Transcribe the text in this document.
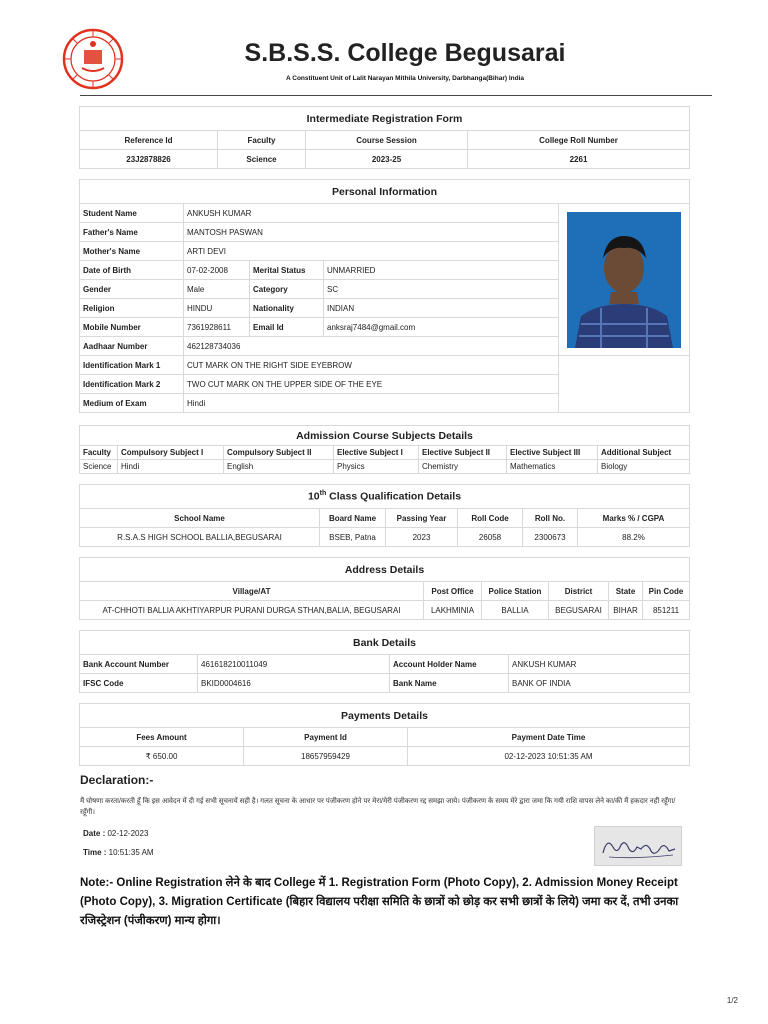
S.B.S.S. College Begusarai
A Constituent Unit of Lalit Narayan Mithila University, Darbhanga(Bihar) India
Intermediate Registration Form			
Reference Id	Faculty	Course Session	College Roll Number
23J2878826	Science	2023-25	2261
Personal Information				
Student Name	ANKUSH KUMAR	

Father's Name	MANTOSH PASWAN			
Mother's Name	ARTI DEVI			
Date of Birth	07-02-2008	Merital Status	UNMARRIED	
Gender	Male	Category	SC	
Religion	HINDU	Nationality	INDIAN	
Mobile Number	7361928611	Email Id	anksraj7484@gmail.com	
Aadhaar Number	462128734036			
Identification Mark 1	CUT MARK ON THE RIGHT SIDE EYEBROW			
Identification Mark 2	TWO CUT MARK ON THE UPPER SIDE OF THE EYE			
Medium of Exam	Hindi			
Admission Course Subjects Details						
Faculty	Compulsory Subject I	Compulsory Subject II	Elective Subject I	Elective Subject II	Elective Subject III	Additional Subject
Science	Hindi	English	Physics	Chemistry	Mathematics	Biology
10th Class Qualification Details					
School Name	Board Name	Passing Year	Roll Code	Roll No.	Marks % / CGPA
R.S.A.S HIGH SCHOOL BALLIA,BEGUSARAI	BSEB, Patna	2023	26058	2300673	88.2%
Address Details					
Village/AT	Post Office	Police Station	District	State	Pin Code
AT-CHHOTI BALLIA AKHTIYARPUR PURANI DURGA STHAN,BALIA, BEGUSARAI	LAKHMINIA	BALLIA	BEGUSARAI	BIHAR	851211
Bank Details			
Bank Account Number	461618210011049	Account Holder Name	ANKUSH KUMAR
IFSC Code	BKID0004616	Bank Name	BANK OF INDIA
Payments Details		
Fees Amount	Payment Id	Payment Date Time
₹ 650.00	18657959429	02-12-2023 10:51:35 AM
Declaration:-
मैं घोषणा करता/करती हूँ कि इस आवेदन में दी गई सभी सूचनायें सही है। गलत सूचना के आधार पर पंजीकरण होने पर मेरा/मेरी पंजीकरण रद्द समझा जाये। पंजीकरण के समय मेरे द्वारा जमा कि गयी राशि वापस लेने का/की मैं हकदार नहीं रहूँगा/रहूँगी।
Date : 02-12-2023
Time : 10:51:35 AM
Note:- Online Registration लेने के बाद College में 1. Registration Form (Photo Copy), 2. Admission Money Receipt (Photo Copy), 3. Migration Certificate (बिहार विद्यालय परीक्षा समिति के छात्रों को छोड़ कर सभी छात्रों के लिये) जमा कर दें, तभी उनका रजिस्ट्रेशन (पंजीकरण) मान्य होगा।
1/2
